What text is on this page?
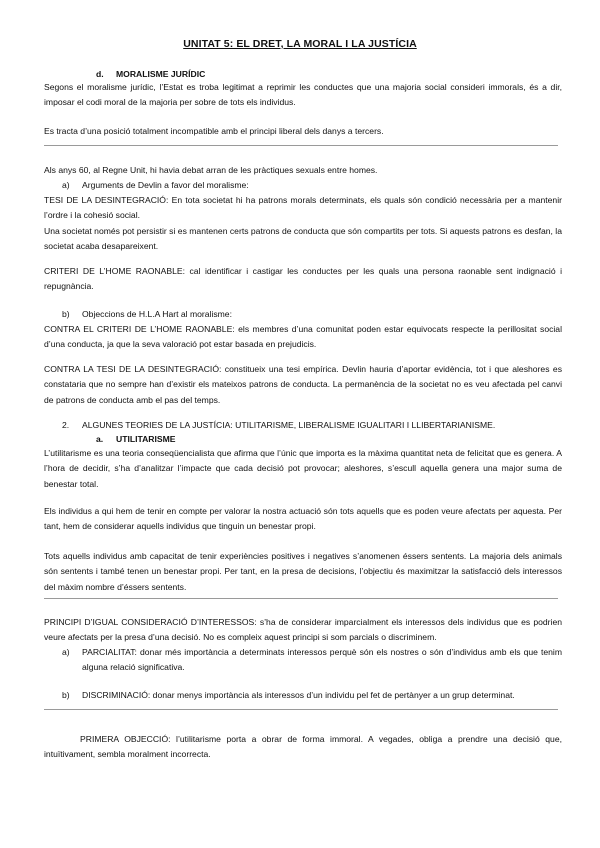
UNITAT 5: EL DRET, LA MORAL I LA JUSTÍCIA
d.	MORALISME JURÍDIC
Segons el moralisme jurídic, l’Estat es troba legitimat a reprimir les conductes que una majoria social consideri immorals, és a dir, imposar el codi moral de la majoria per sobre de tots els individus.
Es tracta d’una posició totalment incompatible amb el principi liberal dels danys a tercers.
Als anys 60, al Regne Unit, hi havia debat arran de les pràctiques sexuals entre homes.
a)	Arguments de Devlin a favor del moralisme:
TESI DE LA DESINTEGRACIÓ: En tota societat hi ha patrons morals determinats, els quals són condició necessària per a mantenir l’ordre i la cohesió social.
Una societat només pot persistir si es mantenen certs patrons de conducta que són compartits per tots. Si aquests patrons es desfan, la societat acaba desapareixent.
CRITERI DE L’HOME RAONABLE: cal identificar i castigar les conductes per les quals una persona raonable sent indignació i repugnància.
b)	Objeccions de H.L.A Hart al moralisme:
CONTRA EL CRITERI DE L’HOME RAONABLE: els membres d’una comunitat poden estar equivocats respecte la perillositat social d’una conducta, ja que la seva valoració pot estar basada en prejudicis.
CONTRA LA TESI DE LA DESINTEGRACIÓ: constitueix una tesi empírica. Devlin hauria d’aportar evidència, tot i que aleshores es constataria que no sempre han d’existir els mateixos patrons de conducta. La permanència de la societat no es veu afectada pel canvi de patrons de conducta amb el pas del temps.
2.	ALGUNES TEORIES DE LA JUSTÍCIA: UTILITARISME, LIBERALISME IGUALITARI I LLIBERTARIANISME.
a.	UTILITARISME
L’utilitarisme es una teoria conseqüencialista que afirma que l’únic que importa es la màxima quantitat neta de felicitat que es genera. A l’hora de decidir, s’ha d’analitzar l’impacte que cada decisió pot provocar; aleshores, s’escull aquella genera una major suma de benestar total.
Els individus a qui hem de tenir en compte per valorar la nostra actuació són tots aquells que es poden veure afectats per aquesta. Per tant, hem de considerar aquells individus que tinguin un benestar propi.
Tots aquells individus amb capacitat de tenir experiències positives i negatives s’anomenen éssers sentents. La majoria dels animals són sentents i també tenen un benestar propi. Per tant, en la presa de decisions, l’objectiu és maximitzar la satisfacció dels interessos del màxim nombre d’éssers sentents.
PRINCIPI D’IGUAL CONSIDERACIÓ D’INTERESSOS: s’ha de considerar imparcialment els interessos dels individus que es podrien veure afectats per la presa d’una decisió. No es compleix aquest principi si som parcials o discriminem.
a)	PARCIALITAT: donar més importància a determinats interessos perquè són els nostres o són d’individus amb els que tenim alguna relació significativa.
b)	DISCRIMINACIÓ: donar menys importància als interessos d’un individu pel fet de pertànyer a un grup determinat.
PRIMERA OBJECCIÓ: l’utilitarisme porta a obrar de forma immoral. A vegades, obliga a prendre una decisió que, intuïtivament, sembla moralment incorrecta.
